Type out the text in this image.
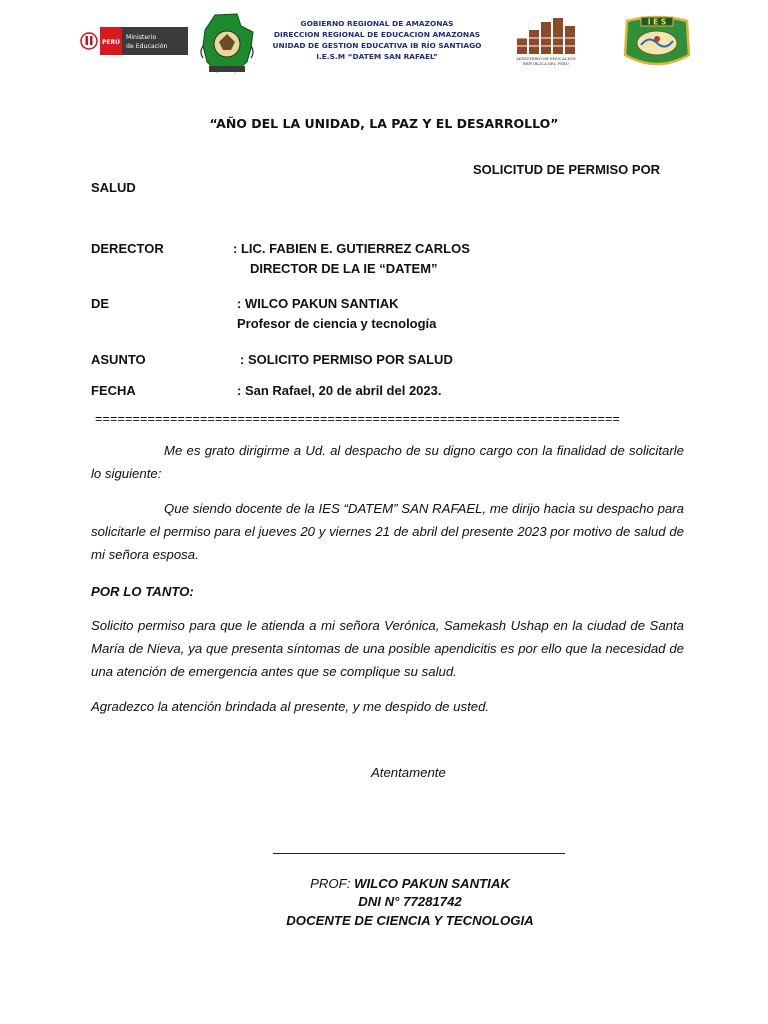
PERÚ
Ministerio
de Educación
GOBIERNO REGIONAL DE AMAZONAS
DIRECCION REGIONAL DE EDUCACION AMAZONAS
UNIDAD DE GESTION EDUCATIVA IB RÍO SANTIAGO
I.E.S.M “DATEM SAN RAFAEL”	MINISTERIO DE EDUCACIÓN
REPÚBLICA DEL PERÚ
I E S
“AÑO DEL LA UNIDAD, LA PAZ Y EL DESARROLLO”
SOLICITUD DE PERMISO POR
SALUD
DERECTOR	: LIC. FABIEN E. GUTIERREZ CARLOS
DIRECTOR DE LA IE “DATEM”
DE	: WILCO PAKUN SANTIAK
Profesor de ciencia y tecnología
ASUNTO	: SOLICITO PERMISO POR SALUD
FECHA	: San Rafael, 20 de abril del 2023.
======================================================================
Me es grato dirigirme a Ud. al despacho de su digno cargo con la finalidad de solicitarle lo siguiente:
Que siendo docente de la IES “DATEM” SAN RAFAEL, me dirijo hacia su despacho para solicitarle el permiso para el jueves 20 y viernes 21 de abril del presente 2023 por motivo de salud de mi señora esposa.
POR LO TANTO:
Solicito permiso para que le atienda a mi señora Verónica, Samekash Ushap en la ciudad de Santa María de Nieva, ya que presenta síntomas de una posible apendicitis es por ello que la necesidad de una atención de emergencia antes que se complique su salud.
Agradezco la atención brindada al presente, y me despido de usted.
Atentamente
PROF: WILCO PAKUN SANTIAK
DNI N° 77281742
DOCENTE DE CIENCIA Y TECNOLOGIA
